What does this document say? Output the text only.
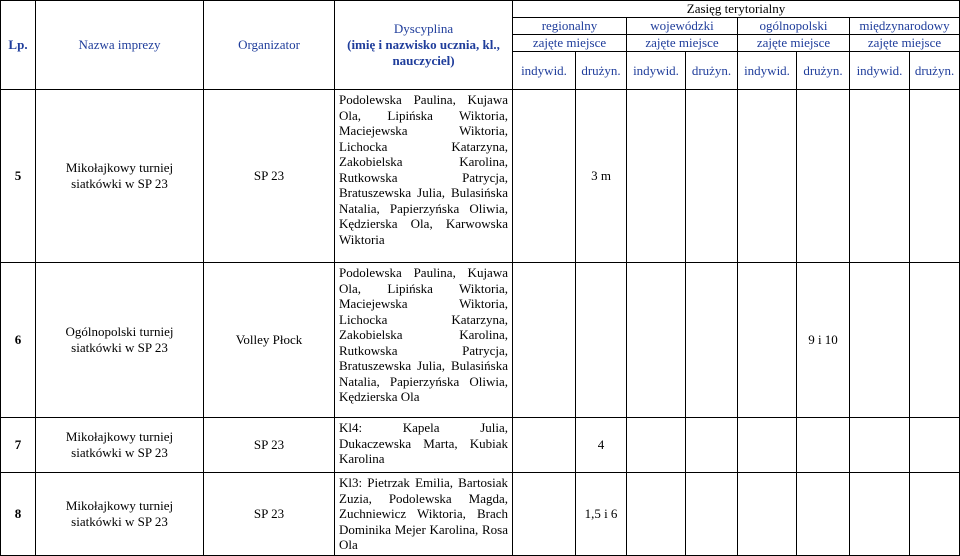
Lp.	Nazwa imprezy	Organizator	Dyscyplina
(imię i nazwisko ucznia, kl.,
nauczyciel)	Zasięg terytorialny							
				regionalny		wojewódzki		ogólnopolski		międzynarodowy	
				zajęte miejsce		zajęte miejsce		zajęte miejsce		zajęte miejsce	
				indywid.	drużyn.	indywid.	drużyn.	indywid.	drużyn.	indywid.	drużyn.
5	Mikołajkowy turniej
siatkówki w SP 23	SP 23	Podolewska Paulina, Kujawa Ola, Lipińska Wiktoria, Maciejewska Wiktoria, Lichocka Katarzyna, Zakobielska Karolina, Rutkowska Patrycja, Bratuszewska Julia, Bulasińska Natalia, Papierzyńska Oliwia, Kędzierska Ola, Karwowska Wiktoria		3 m						
6	Ogólnopolski turniej
siatkówki w SP 23	Volley Płock	Podolewska Paulina, Kujawa Ola, Lipińska Wiktoria, Maciejewska Wiktoria, Lichocka Katarzyna, Zakobielska Karolina, Rutkowska Patrycja, Bratuszewska Julia, Bulasińska Natalia, Papierzyńska Oliwia, Kędzierska Ola						9 i 10		
7	Mikołajkowy turniej
siatkówki w SP 23	SP 23	Kl4: Kapela Julia, Dukaczewska Marta, Kubiak Karolina		4						
8	Mikołajkowy turniej
siatkówki w SP 23	SP 23	Kl3: Pietrzak Emilia, Bartosiak Zuzia, Podolewska Magda, Zuchniewicz Wiktoria, Brach Dominika Mejer Karolina, Rosa Ola		1,5 i 6						
